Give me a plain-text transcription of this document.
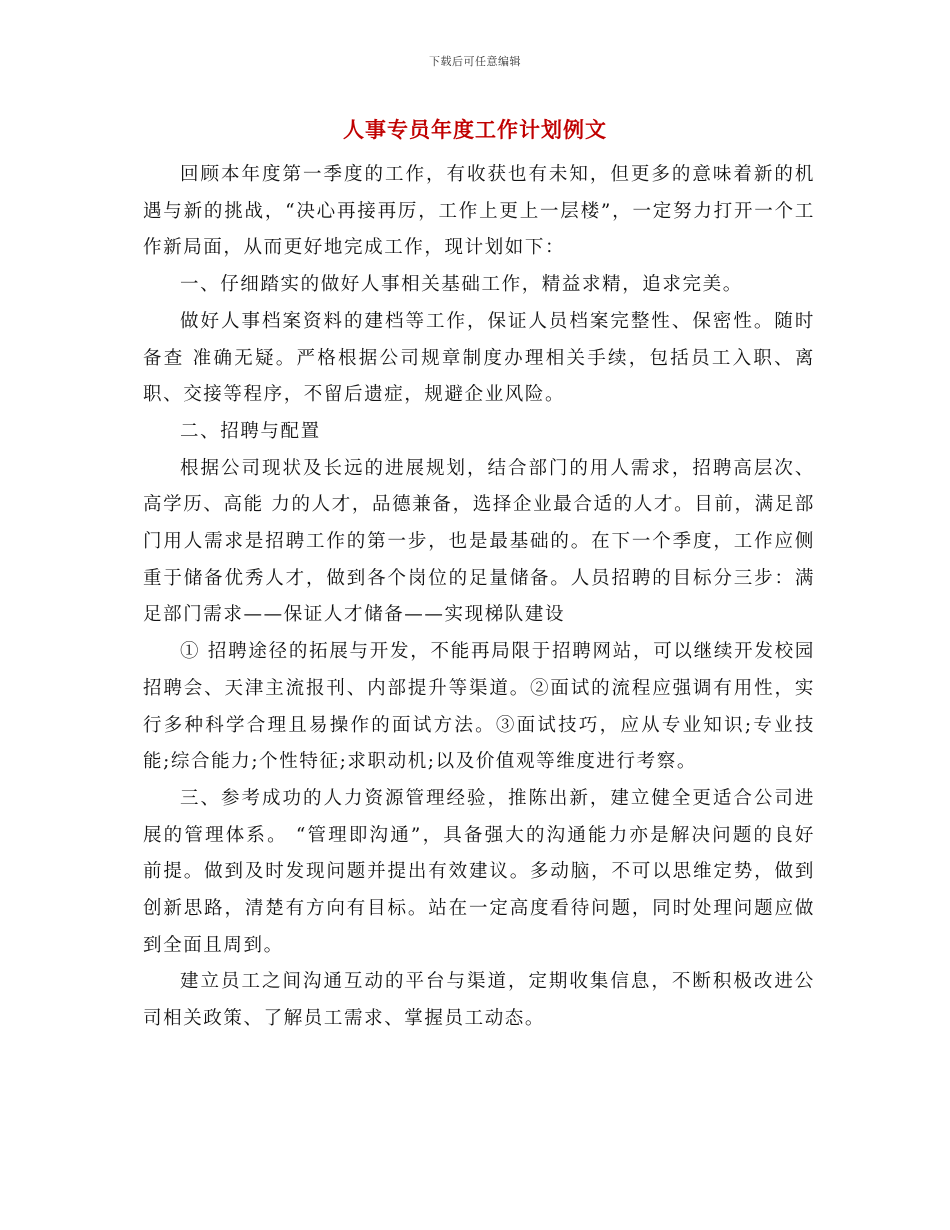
下载后可任意编辑
人事专员年度工作计划例文

回顾本年度第一季度的工作，有收获也有未知，但更多的意味着新的机遇与新的挑战，“决心再接再厉，工作上更上一层楼”，一定努力打开一个工作新局面，从而更好地完成工作，现计划如下：

一、仔细踏实的做好人事相关基础工作，精益求精，追求完美。

做好人事档案资料的建档等工作，保证人员档案完整性、保密性。随时备查 准确无疑。严格根据公司规章制度办理相关手续，包括员工入职、离职、交接等程序，不留后遗症，规避企业风险。

二、招聘与配置

根据公司现状及长远的进展规划，结合部门的用人需求，招聘高层次、高学历、高能 力的人才，品德兼备，选择企业最合适的人才。目前，满足部门用人需求是招聘工作的第一步，也是最基础的。在下一个季度，工作应侧重于储备优秀人才，做到各个岗位的足量储备。人员招聘的目标分三步：满足部门需求——保证人才储备——实现梯队建设

① 招聘途径的拓展与开发，不能再局限于招聘网站，可以继续开发校园招聘会、天津主流报刊、内部提升等渠道。②面试的流程应强调有用性，实行多种科学合理且易操作的面试方法。③面试技巧，应从专业知识;专业技能;综合能力;个性特征;求职动机;以及价值观等维度进行考察。

三、参考成功的人力资源管理经验，推陈出新，建立健全更适合公司进展的管理体系。 “管理即沟通”，具备强大的沟通能力亦是解决问题的良好前提。做到及时发现问题并提出有效建议。多动脑，不可以思维定势，做到创新思路，清楚有方向有目标。站在一定高度看待问题，同时处理问题应做到全面且周到。

建立员工之间沟通互动的平台与渠道，定期收集信息，不断积极改进公司相关政策、了解员工需求、掌握员工动态。
